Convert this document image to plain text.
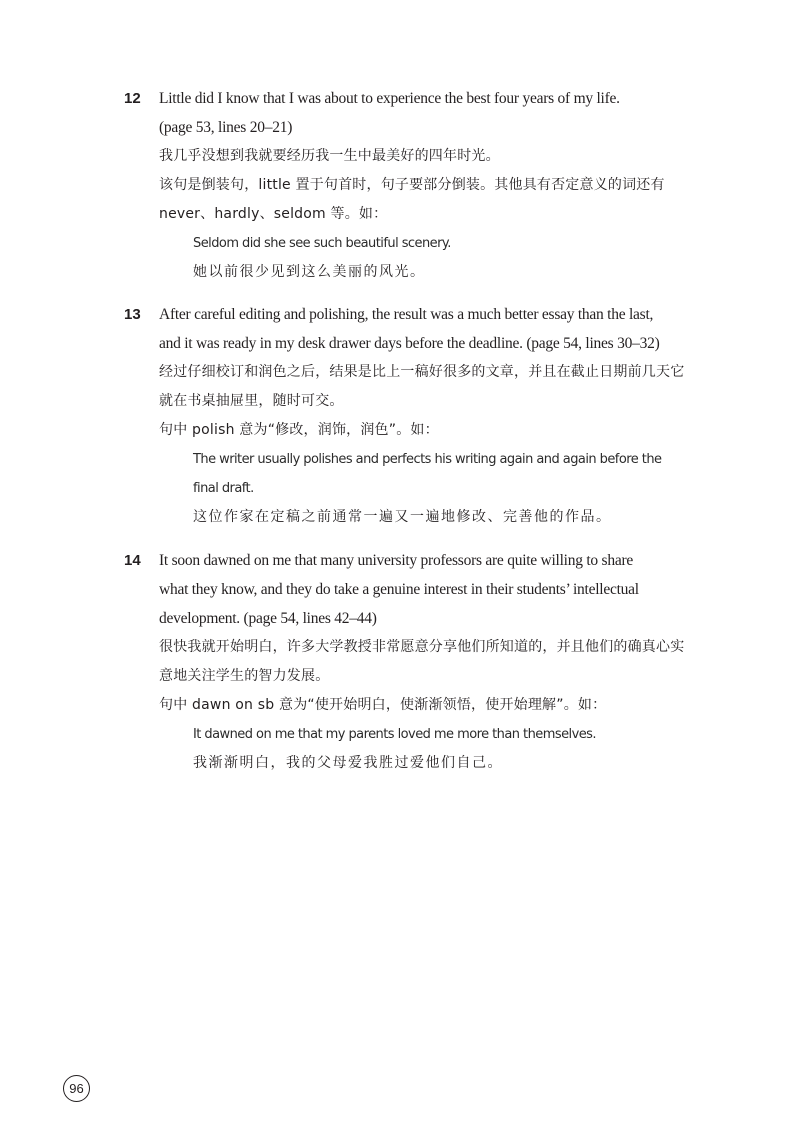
12 Little did I know that I was about to experience the best four years of my life.
(page 53, lines 20–21)
我几乎没想到我就要经历我一生中最美好的四年时光。
该句是倒装句，little 置于句首时，句子要部分倒装。其他具有否定意义的词还有
never、hardly、seldom 等。如：
Seldom did she see such beautiful scenery.
她以前很少见到这么美丽的风光。
13 After careful editing and polishing, the result was a much better essay than the last,
and it was ready in my desk drawer days before the deadline. (page 54, lines 30–32)
经过仔细校订和润色之后，结果是比上一稿好很多的文章，并且在截止日期前几天它
就在书桌抽屉里，随时可交。
句中 polish 意为“修改，润饰，润色”。如：
The writer usually polishes and perfects his writing again and again before the
final draft.
这位作家在定稿之前通常一遍又一遍地修改、完善他的作品。
14 It soon dawned on me that many university professors are quite willing to share
what they know, and they do take a genuine interest in their students’ intellectual
development. (page 54, lines 42–44)
很快我就开始明白，许多大学教授非常愿意分享他们所知道的，并且他们的确真心实
意地关注学生的智力发展。
句中 dawn on sb 意为“使开始明白，使渐渐领悟，使开始理解”。如：
It dawned on me that my parents loved me more than themselves.
我渐渐明白，我的父母爱我胜过爱他们自己。
96
